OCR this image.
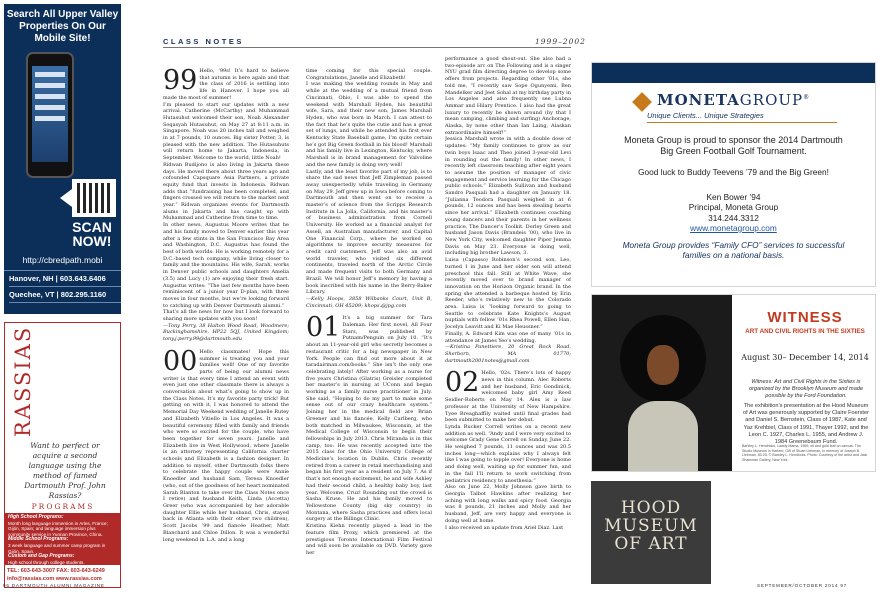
Search All Upper Valley Properties On Our Mobile Site!
SCAN NOW!
http://cbredpath.mobi
Hanover, NH | 603.643.6406
Quechee, VT | 802.295.1160
RASSIAS
Want to perfect or acquire a second language using the method of famed Dartmouth Prof. John Rassias?
PROGRAMS
High School Programs:
Month long language immersion in Arles, France; Gijón, Spain; and language immersion plus community service in Yunnan Province, China.
Middle School Programs:
3 week language and summer camp program in Gijón, Spain.
Custom and Gap Programs:
High school through college students.
TEL: 603-643-3007 FAX: 603-643-6249 info@rassias.com www.rassias.com
CLASS NOTES	1999–2002

99 Hello, ’99s! It’s hard to believe that autumn is here again and that the class of 2016 is settling into life in Hanover. I hope you all made the most of summer!

I’m pleased to start our updates with a new arrival. Catherine (McCarthy) and Muhammad Hutasuhut welcomed their son, Noah Alexander Soqasyah Hutasuhut, on May 27 at 8:11 a.m. in Singapore. Noah was 20 inches tall and weighed in at 7 pounds, 10 ounces. Big sister Potter, 3, is pleased with the new addition. The Hutasuhuts will return home to Jakarta, Indonesia, in September. Welcome to the world, little Noah!

Ridwan Budijono is also living in Jakarta these days. He moved there about three years ago and cofounded Capsquare Asia Partners, a private equity fund that invests in Indonesia. Ridwan adds that “fundraising has been completed, and fingers crossed we will return to the market next year.” Ridwan organizes events for Dartmouth alums in Jakarta and has caught up with Muhammad and Catherine from time to time.

In other news, Augustus Moore writes that he and his family moved to Denver earlier this year after a few stints in the San Francisco Bay Area and Washington, D.C. Augustus has found the best of both worlds: He is working remotely for a D.C.-based tech company, while living closer to family and the mountains. His wife, Sarah, works in Denver public schools and daughters Amelia (3.5) and Lucy (1) are enjoying their fresh start. Augustus writes: “The last few months have been reminiscent of a junior year D-plan, with three moves in four months, but we’re looking forward to catching up with Denver Dartmouth alumni.”

That’s all the news for now but I look forward to sharing more updates with you soon!

—Tony Perry, 38 Halton Wood Road, Woodmere; Buckinghamshire, HP22 5QJ, United Kingdom; tony.j.perry.99@dartmouth.edu

00 Hello classmates! Hope this summer is treating you and your families well! One of my favorite parts of being our alumni news writer is that every time I attend an event with even just one other classmate there is always a conversation about what’s going to show up in the Class Notes. It’s my favorite party trick! But getting on with it, I was honored to attend the Memorial Day Weekend wedding of Janelle Rutey and Elizabeth Vitiello in Los Angeles. It was a beautiful ceremony filled with family and friends who were so excited for the couple, who have been together for seven years. Janelle and Elizabeth live in West Hollywood, where Janelle is an attorney representing California charter schools and Elizabeth is a fashion designer. In addition to myself, other Dartmouth folks there to celebrate the happy couple were Annie Knoedler and husband Sam, Teresa Knoedler (who, out of the goodness of her heart nominated Sarah Blanton to take over the Class Notes once I retire) and husband Keith, Linda (Accetta) Greer (who was accompanied by her adorable daughter Ellie while her husband, Chris, stayed back in Atlanta with their other two children), Scott Jacobs ’99 and fiancée Heather, Matt Blanchard and Chloe Dillon. It was a wonderful long weekend in L.A. and a long

time coming for this special couple. Congratulations, Janelle and Elizabeth!

I was making the wedding rounds in May and while at the wedding of a mutual friend from Cincinnati, Ohio, I was able to spend the weekend with Marshall Hyden, his beautiful wife, Sara, and their new son, James Marshall Hyden, who was born in March. I can attest to the fact that he’s quite the cutie and has a great set of lungs, and while he attended his first ever Kentucky State Baseball game, I’m quite certain he’s got Big Green football in his blood! Marshall and his family live in Lexington, Kentucky, where Marshall is in brand management for Valvoline and the new family is doing very well!

Lastly, and the least favorite part of my job, is to share the sad news that Jeff Zimpleman passed away unexpectedly while traveling in Germany on May 29. Jeff grew up in Iowa before coming to Dartmouth and then went on to receive a master’s of science from the Scripps Research Institute in La Jolla, California, and his master’s of business administration from Cornell University. He worked as a financial analyst for Assell, an Australian manufacturer, and Capital One Financial Corp., where he worked on algorithms to improve security measures for credit card customers. Jeff was also an avid world traveler, who visited six different continents, traveled north of the Arctic Circle and made frequent visits to both Germany and Brazil. We will honor Jeff’s memory by having a book inscribed with his name in the Berry-Baker Library.

—Kelly Hoops, 3858 Wilbanks Court, Unit B, Cincinnati, OH 45209; khops.@jpg.com

01 It’s a big summer for Tara Daleman. Her first novel, All Four Stars, was published by Putnam/Penguin on July 10. “It’s about an 11-year-old girl who secretly becomes a restaurant critic for a big newspaper in New York. People can find out more about it at taradairman.com/books.” She isn’t the only one celebrating lately! After working as a nurse for five years Christina (Glatris) Greisler completed her master’s in nursing at UConn and began working as a family nurse practitioner in July. She said, “Hoping to do my part to make some sense out of our crazy healthcare system.” Joining her in the medical field are Brian Greener and his fiancée, Kelly Carlberg, who both matched in Milwaukee, Wisconsin, at the Medical College of Wisconsin to begin their fellowships in July 2013. Chris Miranda is in this camp, too: He was recently accepted into the 2015 class for the Ohio University College of Medicine’s location in Dublin. Chris recently retired from a career in retail merchandising and began his first year as a resident on July 7. As if that’s not enough excitement, he and wife Ashley had their second child, a healthy baby boy, last year. Welcome, Cruz! Rounding out the crowd is Sasha Kruse. He and his family moved to Yellowstone County (big sky country) in Montana, where Sasha practices and offers local surgery at the Billings Clinic.

Kristina Kiehn recently played a lead in the feature film Proxy, which premiered at the prestigious Toronto International Film Festival and will soon be available on DVD. Variety gave her

performance a good shout-out. She also had a two-episode arc on The Following and is a singer NYU grad film directing degree to develop some offers from projects. Regarding other ’01s, she told me, “I recently saw Sope Ogunyemi, Ben Mandelker and Jeet Sohal at my birthday party in Los Angeles and also frequently see Lubna Ammar and Hilary Prentice. I also had the great luxury to recently be shown around (by that I mean camping, climbing and surfing) Anchorage, Alaska, by none other than Ian Laing, Alaskan extraordinaire himself!”

Jessica Marshall wrote in with a double dose of updates: “My family continues to grow as our twin boys Isaac and Theo joined 3-year-old Levi in rounding out the family! In other news, I recently left classroom teaching after eight years to assume the position of manager of civic engagement and service learning for the Chicago public schools.” Elizabeth Sullivan and husband Sandro Pasquali had a daughter on January 18. “Julianna Teodora Pasquali weighed in at 6 pounds, 12 ounces and has been stealing hearts since her arrival.” Elizabeth continues coaching young dancers and their parents in her wellness practice, The Dancer’s Toolkit. Dorley Green and husband Jason Davis (Brandeis ’00), who live in New York City, welcomed daughter Piper Jemma Davis on May 23. Everyone is doing well, including big brother Lawson, 3.

Luisa (Capasso) Robinson’s second son, Leo, turned 1 in June and her older son will attend preschool this fall. Still at White Wave, she recently moved over to brand manager of innovation on the Horizon Organic brand. In the spring she attended a barbeque hosted by Erin Reeder, who’s relatively new to the Colorado area. Luisa is “looking forward to going to Seattle to celebrate Kate Knights’s August nuptials with fellow ’01s Rhea Powell, Ellen Han, Jocelyn Leavitt and Ki Mae Heussner.”

Finally, A. Edward Kim was one of many ’01s in attendance at James Yeo’s wedding.

—Kristina Panettiere, 20 Great Rock Road, Sherborn, MA 01770; dartmouth2001notes@gmail.com

02 Hello, ’02s. There’s lots of happy news in this column. Alec Roberts and her husband, Eric Gondinick, welcomed baby girl Amy Reed Seidler-Roberts on May 14. Alex is a law professor at the University of New Hampshire. Tyee Breaghaffily waited until final grades had been submitted to make her debut.

Lynda Rucker Correll writes on a recent new addition as well. “Andy and I were very excited to welcome Grady Gene Correll on Sunday, June 22. He weighed 7 pounds, 11 ounces and was 20.5 inches long—which explains why I always felt like I was going to topple over! Everyone is home and doing well, waiting up for summer fun, and in the fall I’ll return to work switching from pediatrics residency to anesthesia.”

Also on June 22, Molly Johnson gave birth to Georgia Talbot Hawkins after realizing her aching with long walks and spicy food. Georgia was 8 pounds, 21 inches and Molly and her husband, Jeff, are very happy and everyone is doing well at home.

I also received an update from Ariel Diaz. Last

96 DARTMOUTH ALUMNI MAGAZINE	SEPTEMBER/OCTOBER 2014 97
MONETAGROUP®
Unique Clients... Unique Strategies
Moneta Group is proud to sponsor the 2014 Dartmouth Big Green Football Golf Tournament.
Good luck to Buddy Teevens ’79 and the Big Green!
Ken Bower ’94
Principal, Moneta Group
314.244.3312
www.monetagroup.com
Moneta Group provides “Family CFO” services to successful families on a national basis.
WITNESS
ART AND CIVIL RIGHTS IN THE SIXTIES
August 30– December 14, 2014

Witness: Art and Civil Rights in the Sixties is organized by the Brooklyn Museum and made possible by the Ford Foundation.

The exhibition’s presentation at the Hood Museum of Art was generously supported by Claire Foerster and Daniel S. Bernstein, Class of 1987, Kate and Yaz Krehbiel, Class of 1991, Thayer 1992, and the Leon C. 1927, Charles L. 1955, and Andrew J. 1984 Greenebaum Fund.

Barkley L. Hendricks, Lawdy Mama, 1969, oil and gold leaf on canvas. The Studio Museum in Harlem; Gift of Stuart Liebman, in memory of Joseph B. Liebman, 83.25. © Barkley L. Hendricks. Photo: Courtesy of the artist and Jack Shainman Gallery, New York.
HOOD MUSEUM OF ART
